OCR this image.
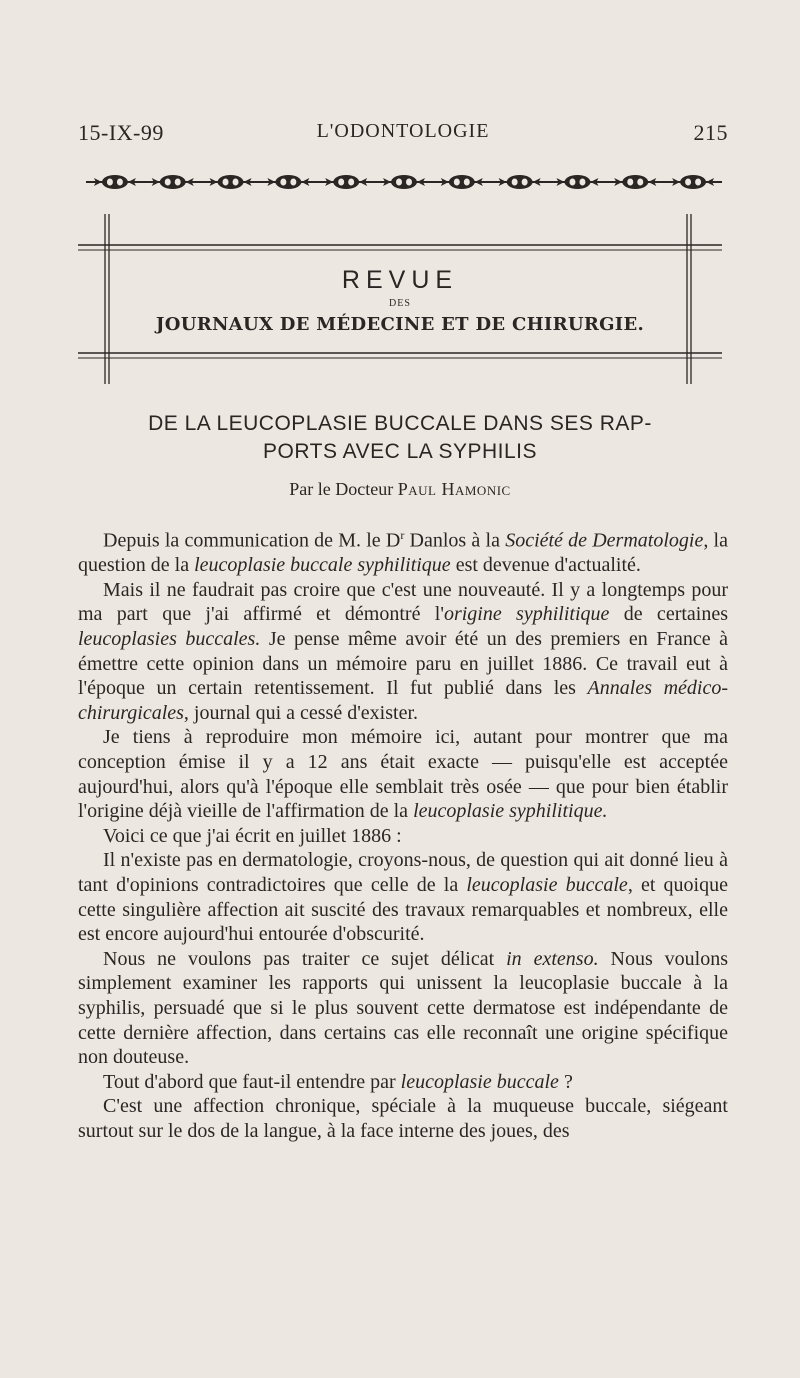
L'ODONTOLOGIE
15-IX-99	215
REVUE
DES
JOURNAUX DE MÉDECINE ET DE CHIRURGIE.
DE LA LEUCOPLASIE BUCCALE DANS SES RAP-
PORTS AVEC LA SYPHILIS
Par le Docteur Paul Hamonic

Depuis la communication de M. le $D^r$ Danlos à la Société de Dermatologie, la question de la leucoplasie buccale syphilitique est devenue d'actualité.

Mais il ne faudrait pas croire que c'est une nouveauté. Il y a longtemps pour ma part que j'ai affirmé et démontré l'origine syphilitique de certaines leucoplasies buccales. Je pense même avoir été un des premiers en France à émettre cette opinion dans un mémoire paru en juillet 1886. Ce travail eut à l'époque un certain retentissement. Il fut publié dans les Annales médico-chirurgicales, journal qui a cessé d'exister.

Je tiens à reproduire mon mémoire ici, autant pour montrer que ma conception émise il y a 12 ans était exacte — puisqu'elle est acceptée aujourd'hui, alors qu'à l'époque elle semblait très osée — que pour bien établir l'origine déjà vieille de l'affirmation de la leucoplasie syphilitique.

Voici ce que j'ai écrit en juillet 1886 :

Il n'existe pas en dermatologie, croyons-nous, de question qui ait donné lieu à tant d'opinions contradictoires que celle de la leucoplasie buccale, et quoique cette singulière affection ait suscité des travaux remarquables et nombreux, elle est encore aujourd'hui entourée d'obscurité.

Nous ne voulons pas traiter ce sujet délicat in extenso. Nous voulons simplement examiner les rapports qui unissent la leucoplasie buccale à la syphilis, persuadé que si le plus souvent cette dermatose est indépendante de cette dernière affection, dans certains cas elle reconnaît une origine spécifique non douteuse.

Tout d'abord que faut-il entendre par leucoplasie buccale ?

C'est une affection chronique, spéciale à la muqueuse buccale, siégeant surtout sur le dos de la langue, à la face interne des joues, des
